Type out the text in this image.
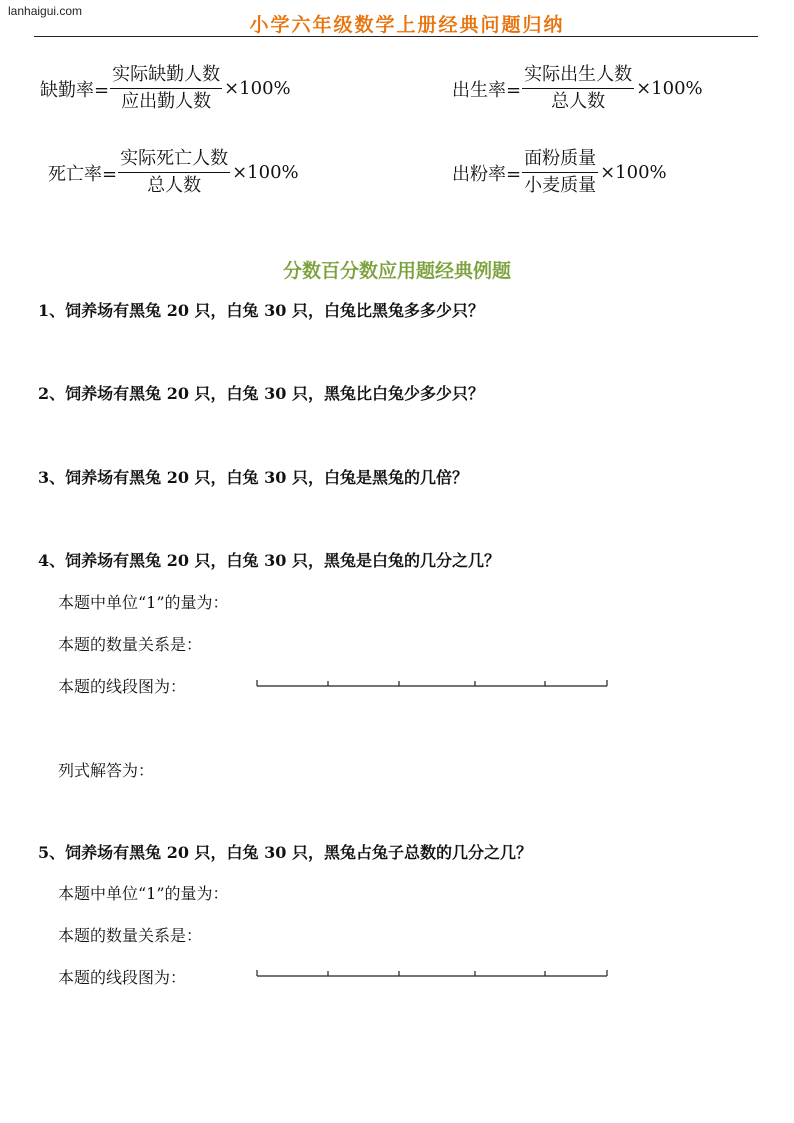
lanhaigui.com
小学六年级数学上册经典问题归纳
缺勤率= $\frac{\text{实际缺勤人数}}{\text{应出勤人数}} \times 100\%$	出生率= $\frac{\text{实际出生人数}}{\text{总人数}} \times 100\%$
死亡率= $\frac{\text{实际死亡人数}}{\text{总人数}} \times 100\%$	出粉率= $\frac{\text{面粉质量}}{\text{小麦质量}} \times 100\%$
分数百分数应用题经典例题
1、饲养场有黑兔 20 只，白兔 30 只，白兔比黑兔多多少只？
2、饲养场有黑兔 20 只，白兔 30 只，黑兔比白兔少多少只？
3、饲养场有黑兔 20 只，白兔 30 只，白兔是黑兔的几倍？
4、饲养场有黑兔 20 只，白兔 30 只，黑兔是白兔的几分之几？
本题中单位“1”的量为：
本题的数量关系是：
本题的线段图为：
列式解答为：
5、饲养场有黑兔 20 只，白兔 30 只，黑兔占兔子总数的几分之几？
本题中单位“1”的量为：
本题的数量关系是：
本题的线段图为：
